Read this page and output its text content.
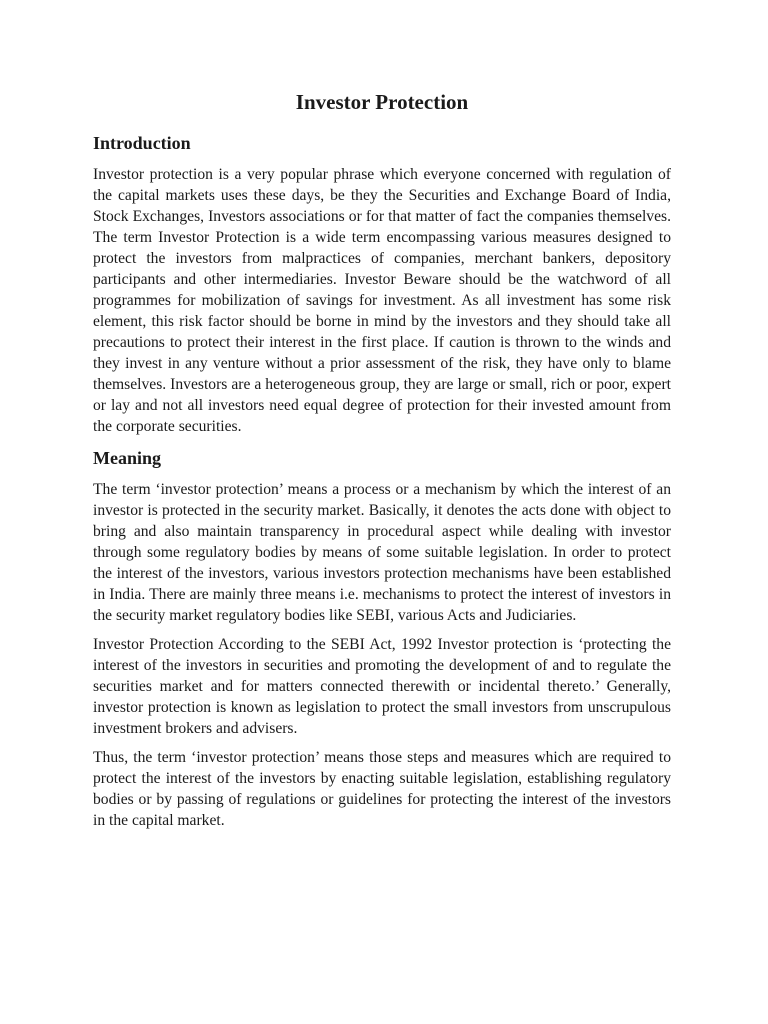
Investor Protection
Introduction

Investor protection is a very popular phrase which everyone concerned with regulation of the capital markets uses these days, be they the Securities and Exchange Board of India, Stock Exchanges, Investors associations or for that matter of fact the companies themselves. The term Investor Protection is a wide term encompassing various measures designed to protect the investors from malpractices of companies, merchant bankers, depository participants and other intermediaries. Investor Beware should be the watchword of all programmes for mobilization of savings for investment. As all investment has some risk element, this risk factor should be borne in mind by the investors and they should take all precautions to protect their interest in the first place. If caution is thrown to the winds and they invest in any venture without a prior assessment of the risk, they have only to blame themselves. Investors are a heterogeneous group, they are large or small, rich or poor, expert or lay and not all investors need equal degree of protection for their invested amount from the corporate securities.

Meaning

The term ‘investor protection’ means a process or a mechanism by which the interest of an investor is protected in the security market. Basically, it denotes the acts done with object to bring and also maintain transparency in procedural aspect while dealing with investor through some regulatory bodies by means of some suitable legislation. In order to protect the interest of the investors, various investors protection mechanisms have been established in India. There are mainly three means i.e. mechanisms to protect the interest of investors in the security market regulatory bodies like SEBI, various Acts and Judiciaries.

Investor Protection According to the SEBI Act, 1992 Investor protection is ‘protecting the interest of the investors in securities and promoting the development of and to regulate the securities market and for matters connected therewith or incidental thereto.’ Generally, investor protection is known as legislation to protect the small investors from unscrupulous investment brokers and advisers.

Thus, the term ‘investor protection’ means those steps and measures which are required to protect the interest of the investors by enacting suitable legislation, establishing regulatory bodies or by passing of regulations or guidelines for protecting the interest of the investors in the capital market.
